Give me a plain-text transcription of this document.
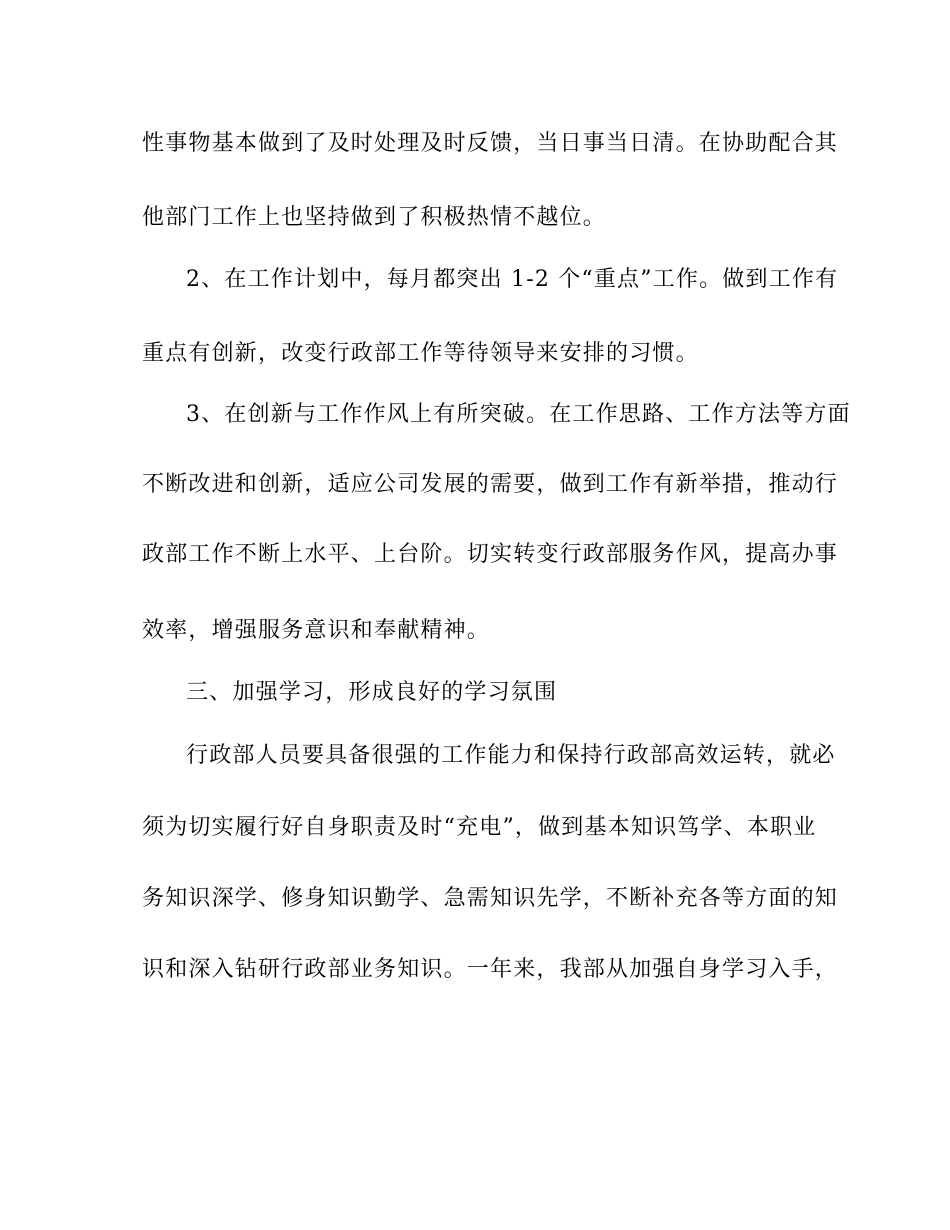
性事物基本做到了及时处理及时反馈，当日事当日清。在协助配合其
他部门工作上也坚持做到了积极热情不越位。
2、在工作计划中，每月都突出 1-2 个“重点”工作。做到工作有
重点有创新，改变行政部工作等待领导来安排的习惯。
3、在创新与工作作风上有所突破。在工作思路、工作方法等方面
不断改进和创新，适应公司发展的需要，做到工作有新举措，推动行
政部工作不断上水平、上台阶。切实转变行政部服务作风，提高办事
效率，增强服务意识和奉献精神。
三、加强学习，形成良好的学习氛围
行政部人员要具备很强的工作能力和保持行政部高效运转，就必
须为切实履行好自身职责及时“充电”，做到基本知识笃学、本职业
务知识深学、修身知识勤学、急需知识先学，不断补充各等方面的知
识和深入钻研行政部业务知识。一年来，我部从加强自身学习入手，
